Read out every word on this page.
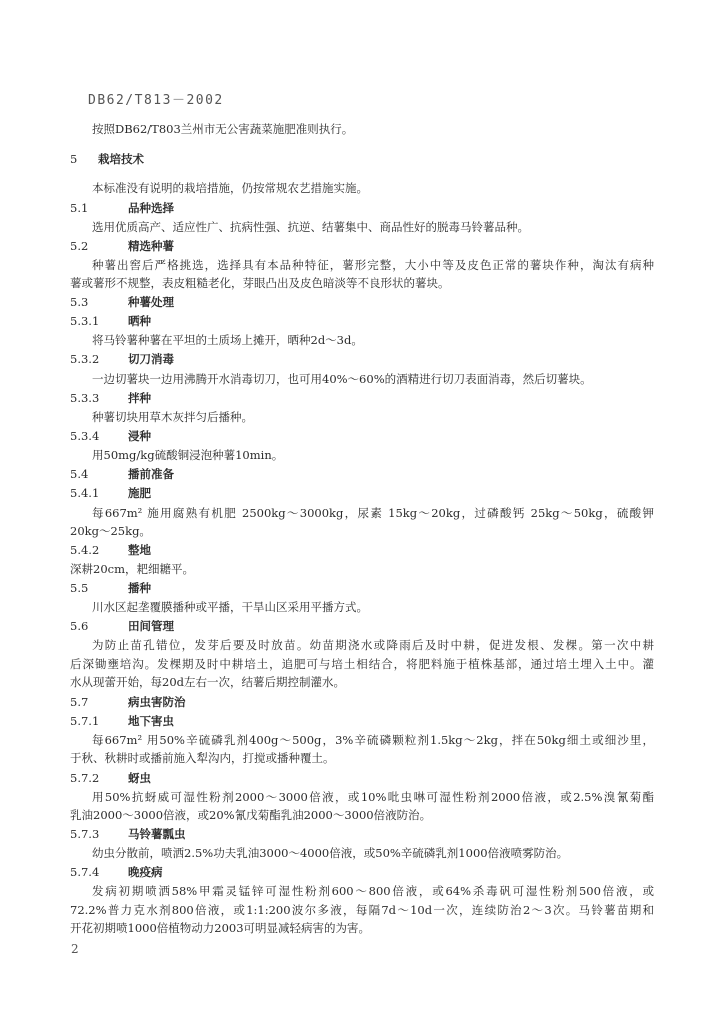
DB62/T813－2002
按照DB62/T803兰州市无公害蔬菜施肥准则执行。
5 栽培技术
本标准没有说明的栽培措施，仍按常规农艺措施实施。
5.1	品种选择
选用优质高产、适应性广、抗病性强、抗逆、结薯集中、商品性好的脱毒马铃薯品种。
5.2	精选种薯
种薯出窖后严格挑选，选择具有本品种特征，薯形完整，大小中等及皮色正常的薯块作种，淘汰有病种
薯或薯形不规整，表皮粗糙老化，芽眼凸出及皮色暗淡等不良形状的薯块。
5.3	种薯处理
5.3.1 晒种
将马铃薯种薯在平坦的土质场上摊开，晒种2d～3d。
5.3.2 切刀消毒
一边切薯块一边用沸腾开水消毒切刀，也可用40%～60%的酒精进行切刀表面消毒，然后切薯块。
5.3.3 拌种
种薯切块用草木灰拌匀后播种。
5.3.4 浸种
用50mg/kg硫酸铜浸泡种薯10min。
5.4	播前准备
5.4.1 施肥
每667m² 施用腐熟有机肥 2500kg～3000kg，尿素 15kg～20kg，过磷酸钙 25kg～50kg，硫酸钾
20kg～25kg。
5.4.2 整地
深耕20cm，耙细耱平。
5.5	播种
川水区起垄覆膜播种或平播，干旱山区采用平播方式。
5.6	田间管理
为防止苗孔错位，发芽后要及时放苗。幼苗期浇水或降雨后及时中耕，促进发根、发棵。第一次中耕
后深锄壅培沟。发棵期及时中耕培土，追肥可与培土相结合，将肥料施于植株基部，通过培土埋入土中。灌
水从现蕾开始，每20d左右一次，结薯后期控制灌水。
5.7	病虫害防治
5.7.1 地下害虫
每667m² 用50%辛硫磷乳剂400g～500g，3%辛硫磷颗粒剂1.5kg～2kg，拌在50kg细土或细沙里，
于秋、秋耕时或播前施入犁沟内，打搅或播种覆土。
5.7.2 蚜虫
用50%抗蚜威可湿性粉剂2000～3000倍液，或10%吡虫啉可湿性粉剂2000倍液，或2.5%溴氰菊酯
乳油2000～3000倍液，或20%氰戊菊酯乳油2000～3000倍液防治。
5.7.3 马铃薯瓢虫
幼虫分散前，喷洒2.5%功夫乳油3000～4000倍液，或50%辛硫磷乳剂1000倍液喷雾防治。
5.7.4 晚疫病
发病初期喷洒58%甲霜灵锰锌可湿性粉剂600～800倍液，或64%杀毒矾可湿性粉剂500倍液，或
72.2%普力克水剂800倍液，或1:1:200波尔多液，每隔7d～10d一次，连续防治2～3次。马铃薯苗期和
开花初期喷1000倍植物动力2003可明显减轻病害的为害。
2
